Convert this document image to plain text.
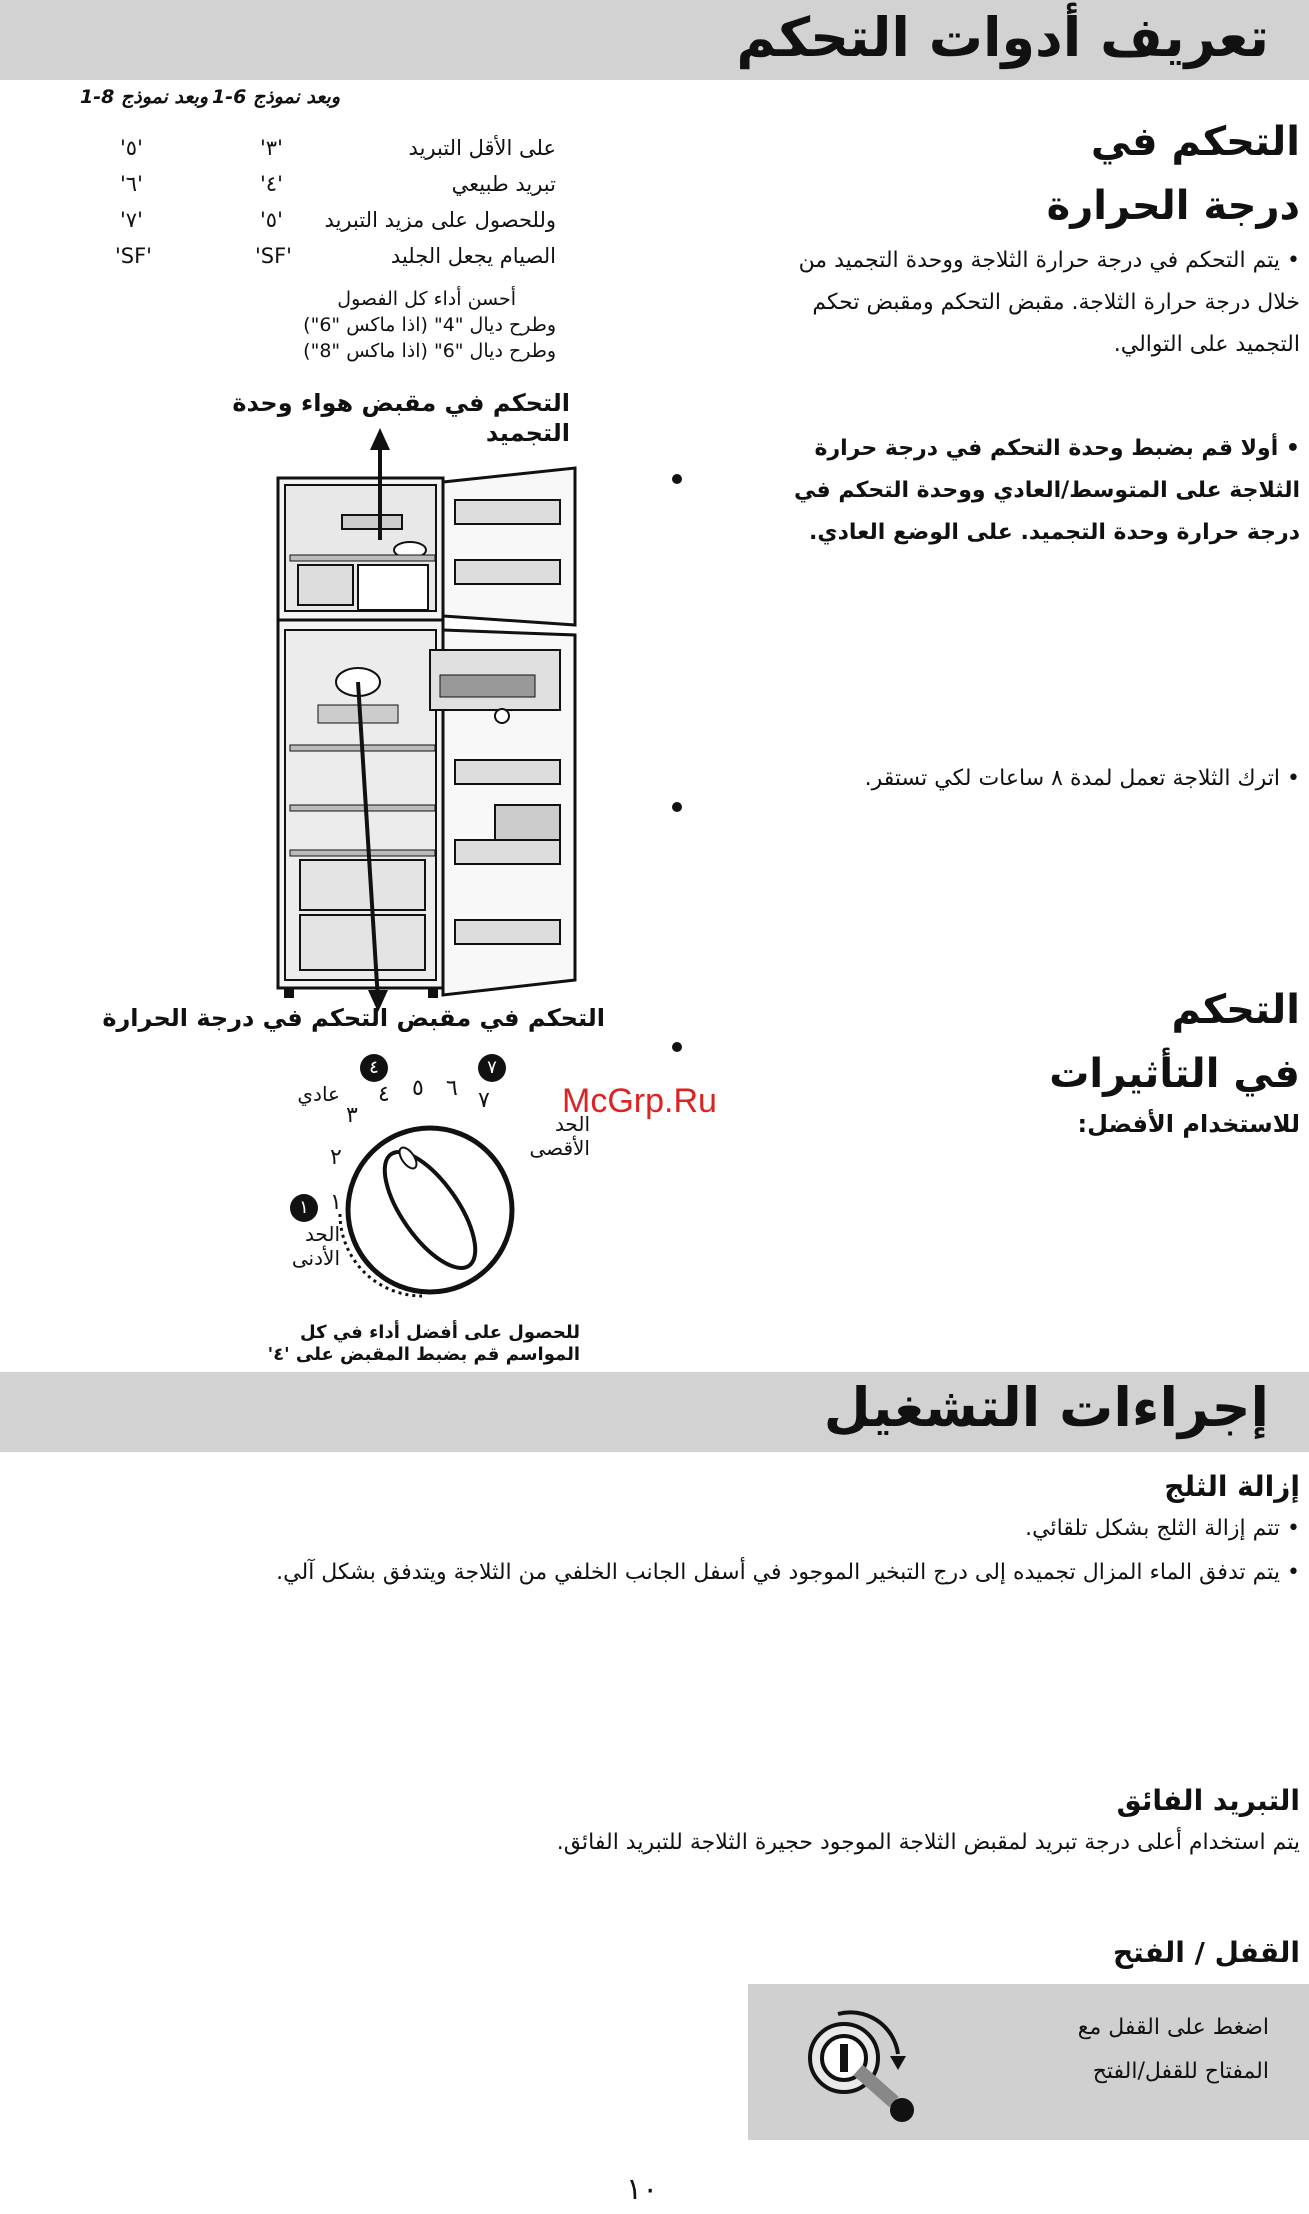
تعريف أدوات التحكم
وبعد نموذج 6-1
وبعد نموذج 8-1
على الأقل التبريد
'٣'
'٥'
تبريد طبيعي
'٤'
'٦'
وللحصول على مزيد التبريد
'٥'
'٧'
الصيام يجعل الجليد
'SF'
'SF'
أحسن أداء كل الفصول
وطرح ديال "4" (اذا ماكس "6")
وطرح ديال "6" (اذا ماكس "8")
التحكم في مقبض هواء وحدة التجميد
التحكم في مقبض التحكم في درجة الحرارة
١
٢
٣
٤ ٥ ٦ ٧
٤	٧
١
عادي
الحد الأقصى
الحد الأدنى
للحصول على أفضل أداء في كل
المواسم قم بضبط المقبض على '٤'
McGrp.Ru
التحكم في
درجة الحرارة
• يتم التحكم في درجة حرارة الثلاجة ووحدة التجميد من خلال درجة حرارة الثلاجة. مقبض التحكم ومقبض تحكم التجميد على التوالي.
• أولا قم بضبط وحدة التحكم في درجة حرارة الثلاجة على المتوسط/العادي ووحدة التحكم في درجة حرارة وحدة التجميد. على الوضع العادي.
• اترك الثلاجة تعمل لمدة ٨ ساعات لكي تستقر.
التحكم
في التأثيرات
للاستخدام الأفضل:
إجراءات التشغيل
إزالة الثلج
• تتم إزالة الثلج بشكل تلقائي.
• يتم تدفق الماء المزال تجميده إلى درج التبخير الموجود في أسفل الجانب الخلفي من الثلاجة ويتدفق بشكل آلي.
التبريد الفائق
يتم استخدام أعلى درجة تبريد لمقبض الثلاجة الموجود حجيرة الثلاجة للتبريد الفائق.
القفل / الفتح
اضغط على القفل مع
المفتاح للقفل/الفتح
١٠
